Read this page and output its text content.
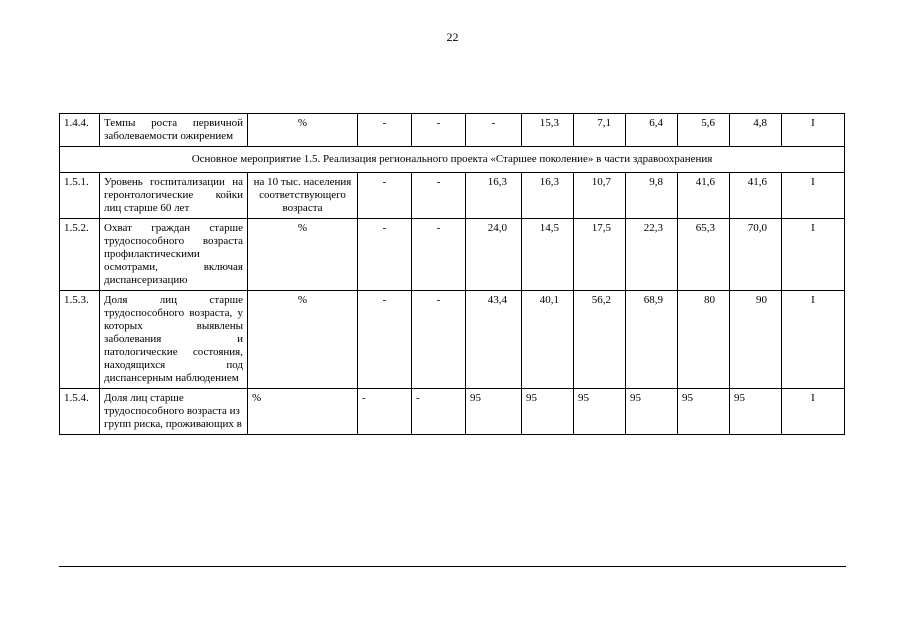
22
1.4.4.	Темпы роста первичной заболеваемости ожирением	%	-	-	-	15,3	7,1	6,4	5,6	4,8	I
Основное мероприятие 1.5. Реализация регионального проекта «Старшее поколение» в части здравоохранения											
1.5.1.	Уровень госпитализации на геронтологические койки лиц старше 60 лет	на 10 тыс. населения соответствующего возраста	-	-	16,3	16,3	10,7	9,8	41,6	41,6	I
1.5.2.	Охват граждан старше трудоспособного возраста профилактическими осмотрами, включая диспансеризацию	%	-	-	24,0	14,5	17,5	22,3	65,3	70,0	I
1.5.3.	Доля лиц старше трудоспособного возраста, у которых выявлены заболевания и патологические состояния, находящихся под диспансерным наблюдением	%	-	-	43,4	40,1	56,2	68,9	80	90	I
1.5.4.	Доля лиц старше трудоспособного возраста из групп риска, проживающих в	%	-	-	95	95	95	95	95	95	I
